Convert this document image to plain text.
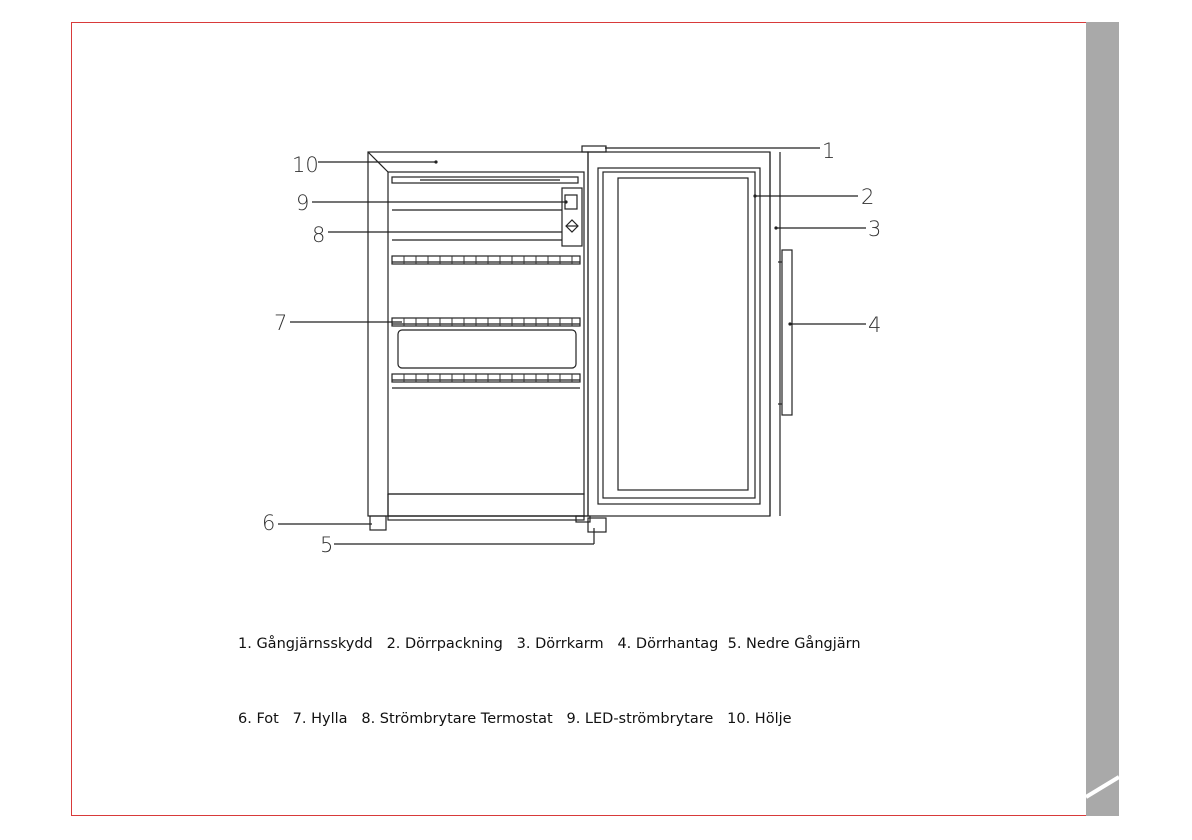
1
2
3
4
5
6
7
8
9
10

1. Gångjärnsskydd   2. Dörrpackning   3. Dörrkarm   4. Dörrhantag  5. Nedre Gångjärn

6. Fot   7. Hylla   8. Strömbrytare Termostat   9. LED-strömbrytare   10. Hölje
